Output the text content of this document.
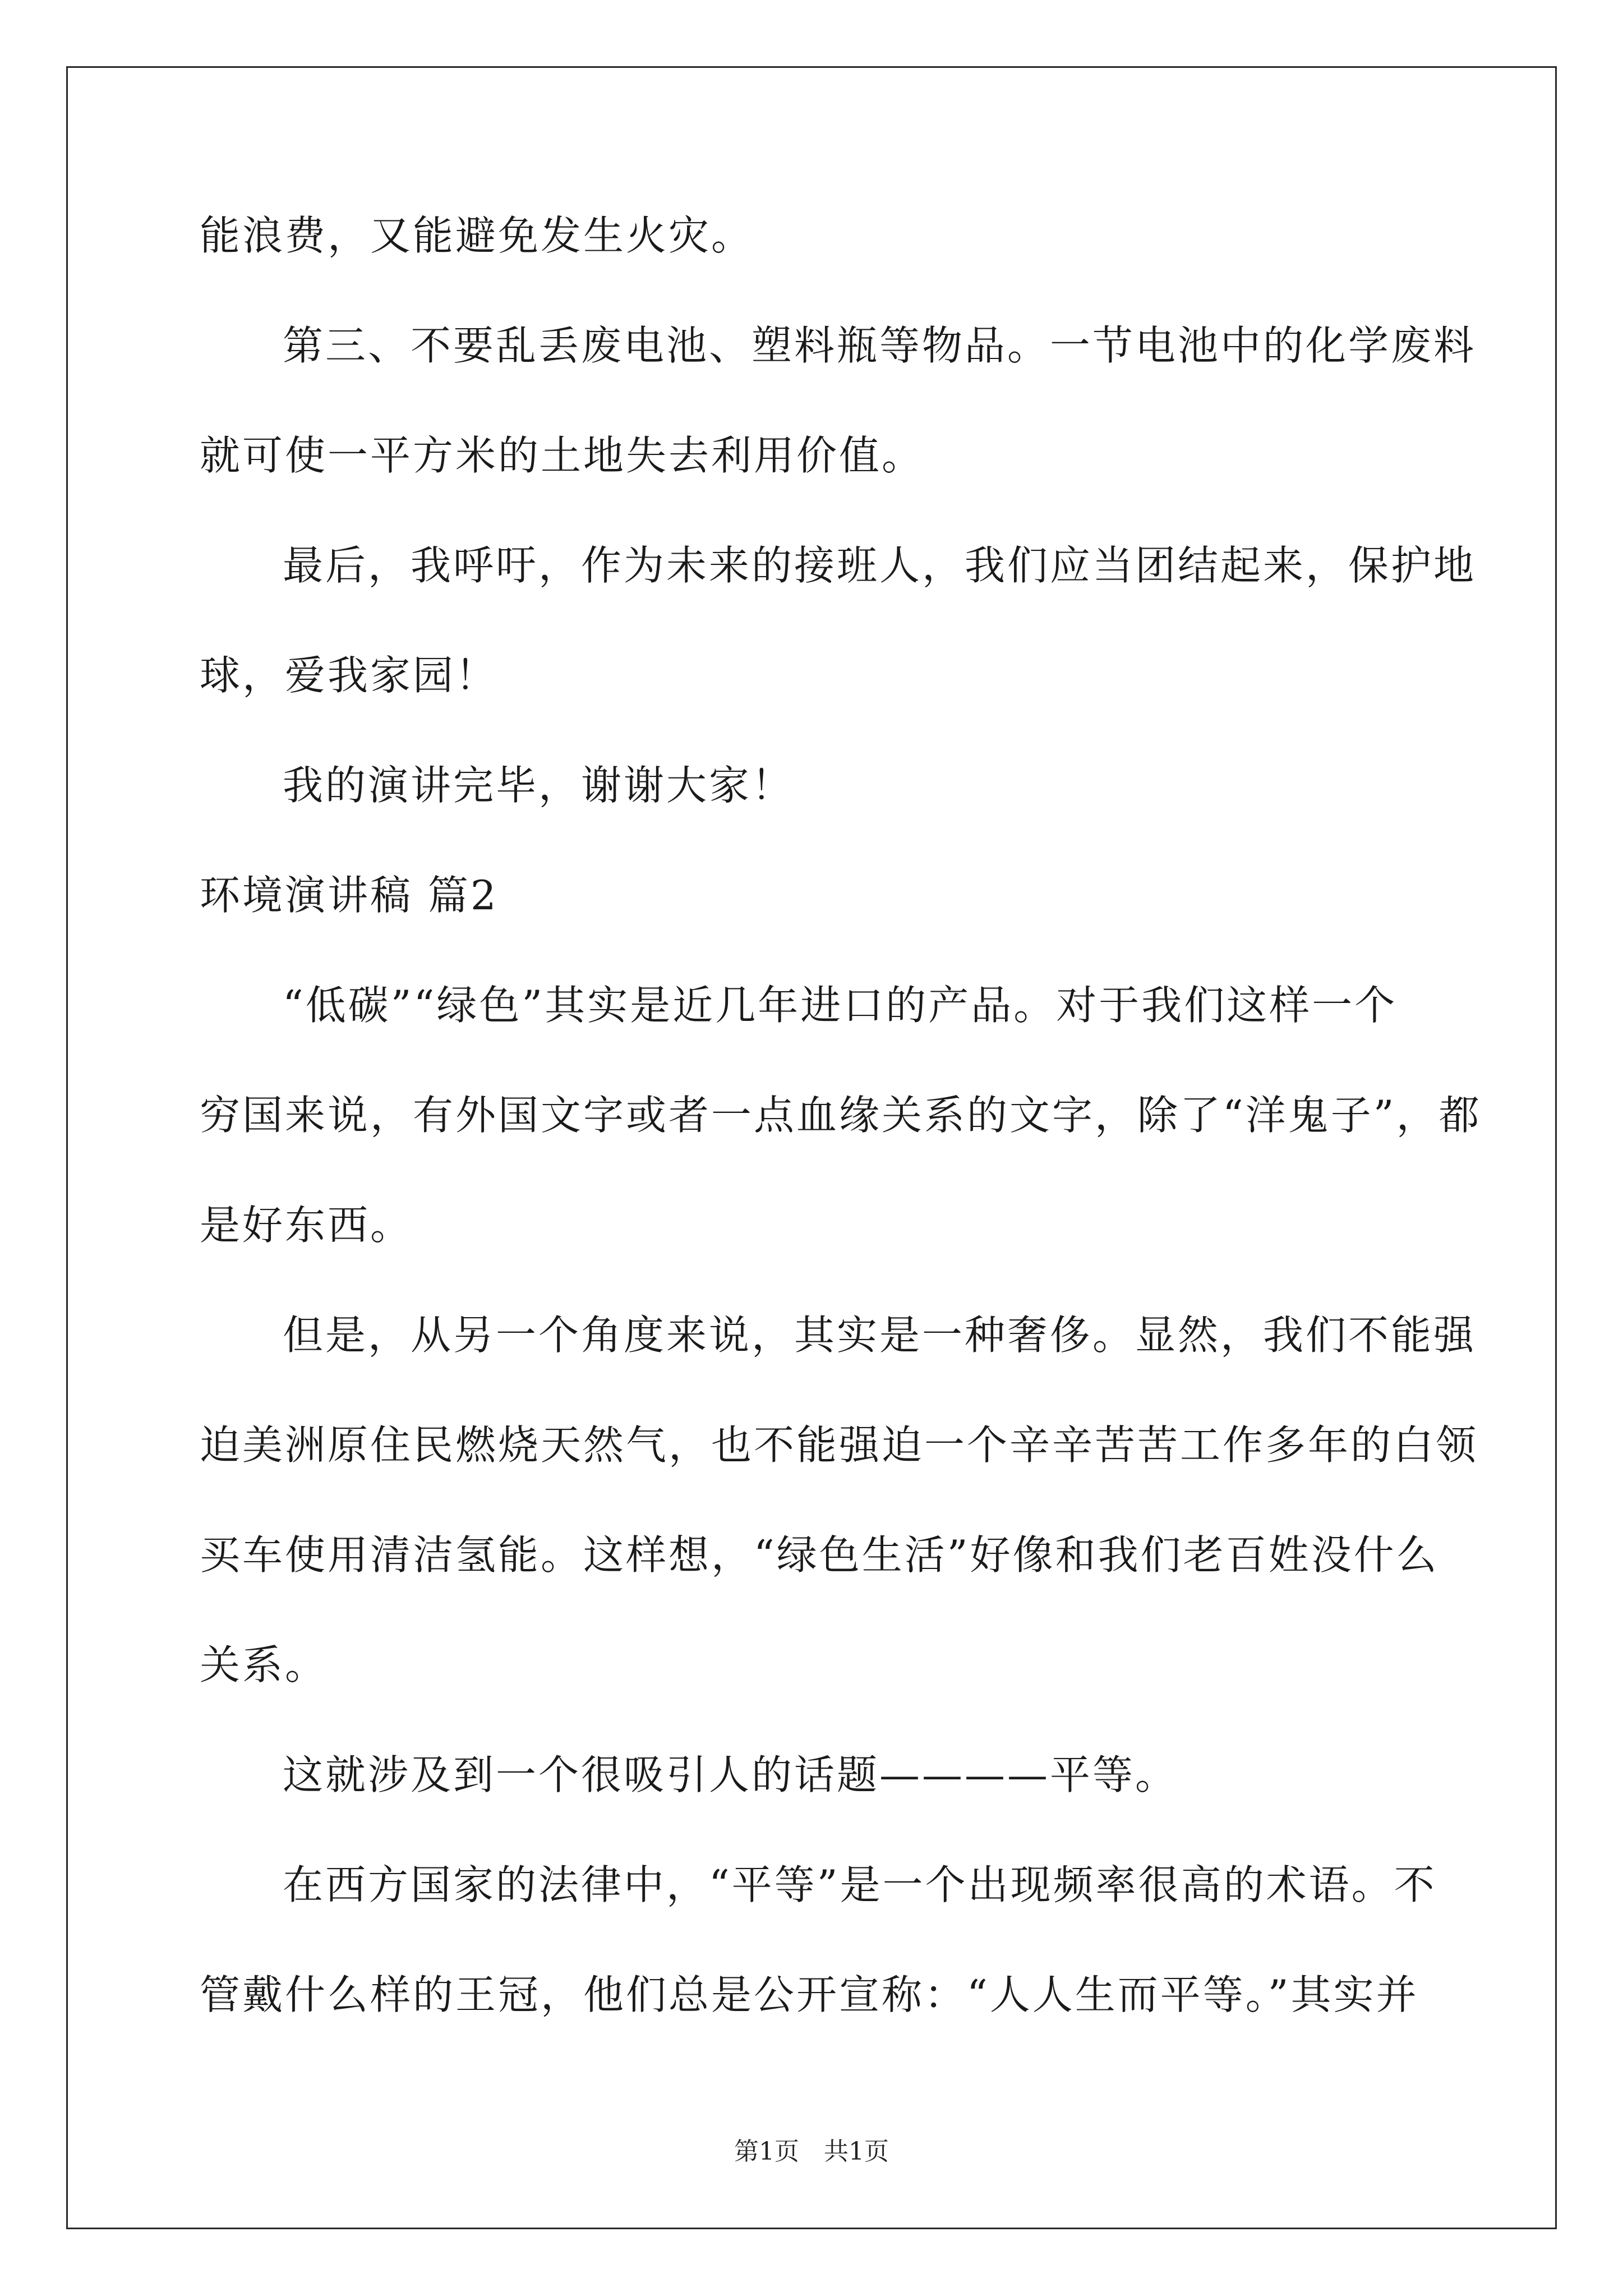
能浪费，又能避免发生火灾。

第三、不要乱丢废电池、塑料瓶等物品。一节电池中的化学废料

就可使一平方米的土地失去利用价值。

最后，我呼吁，作为未来的接班人，我们应当团结起来，保护地

球，爱我家园！

我的演讲完毕，谢谢大家！

环境演讲稿 篇2

“低碳”“绿色”其实是近几年进口的产品。对于我们这样一个

穷国来说，有外国文字或者一点血缘关系的文字，除了“洋鬼子”，都

是好东西。

但是，从另一个角度来说，其实是一种奢侈。显然，我们不能强

迫美洲原住民燃烧天然气，也不能强迫一个辛辛苦苦工作多年的白领

买车使用清洁氢能。这样想，“绿色生活”好像和我们老百姓没什么

关系。

这就涉及到一个很吸引人的话题————平等。

在西方国家的法律中，“平等”是一个出现频率很高的术语。不

管戴什么样的王冠，他们总是公开宣称：“人人生而平等。”其实并

第1页 共1页
